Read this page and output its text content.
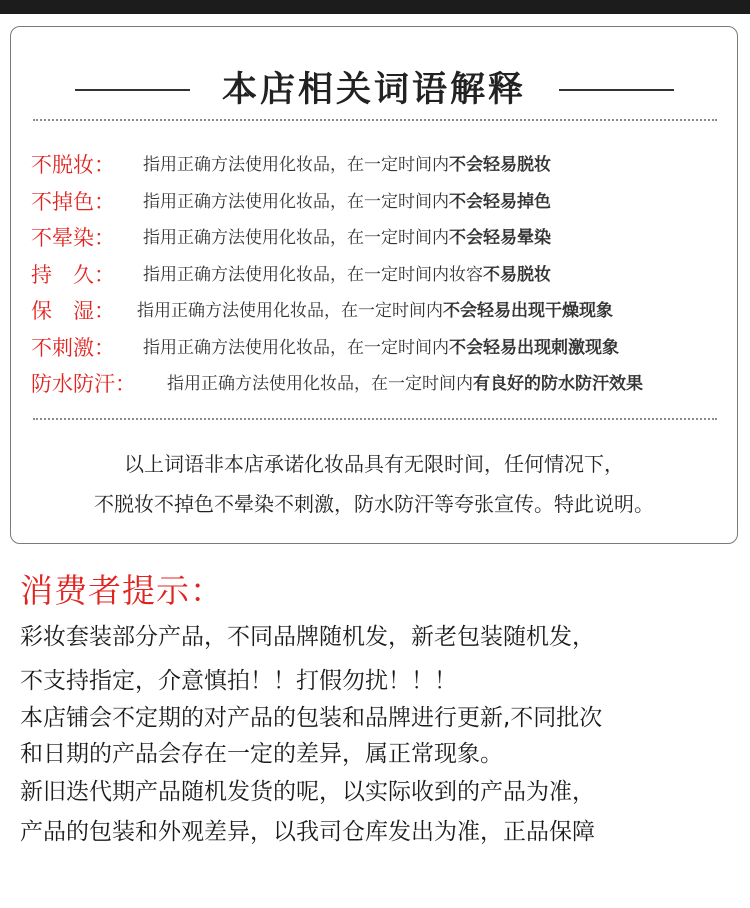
本店相关词语解释
不脱妆： 指用正确方法使用化妆品，在一定时间内不会轻易脱妆
不掉色： 指用正确方法使用化妆品，在一定时间内不会轻易掉色
不晕染： 指用正确方法使用化妆品，在一定时间内不会轻易晕染
持　久： 指用正确方法使用化妆品，在一定时间内妆容不易脱妆
保　湿： 指用正确方法使用化妆品，在一定时间内不会轻易出现干燥现象
不刺激： 指用正确方法使用化妆品，在一定时间内不会轻易出现刺激现象
防水防汗： 指用正确方法使用化妆品，在一定时间内有良好的防水防汗效果
以上词语非本店承诺化妆品具有无限时间，任何情况下，
不脱妆不掉色不晕染不刺激，防水防汗等夸张宣传。特此说明。
消费者提示：
彩妆套装部分产品，不同品牌随机发，新老包装随机发，
不支持指定，介意慎拍！！打假勿扰！！！
本店铺会不定期的对产品的包装和品牌进行更新,不同批次
和日期的产品会存在一定的差异，属正常现象。
新旧迭代期产品随机发货的呢，以实际收到的产品为准，
产品的包装和外观差异，以我司仓库发出为准，正品保障
